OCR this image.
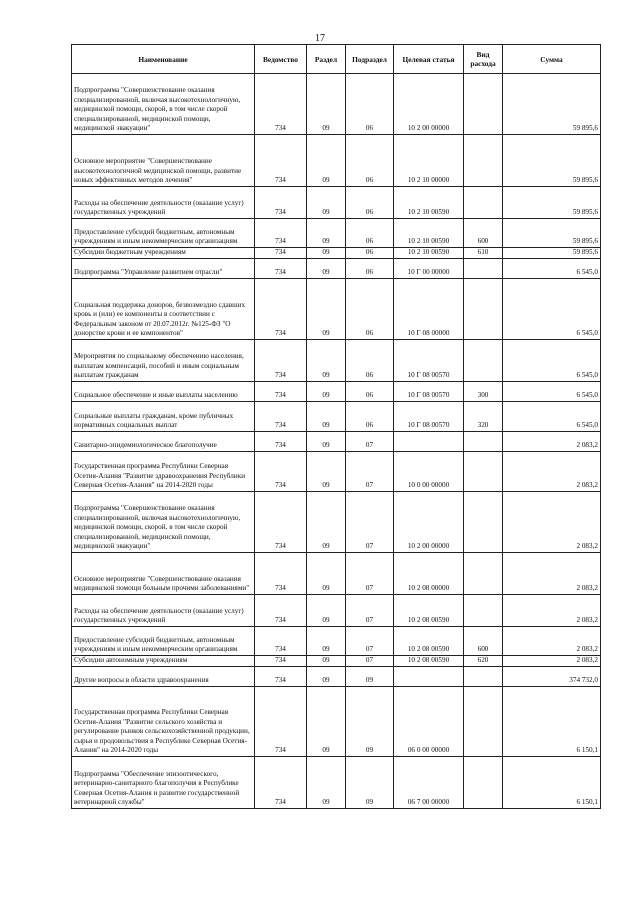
17
Наименование	Ведомство	Раздел	Подраздел	Целевая статья	Вид расхода	Сумма
Подпрограмма "Совершенствование оказания специализированной, включая высокотехнологичную, медицинской помощи, скорой, в том числе скорой специализированной, медицинской помощи, медицинской эвакуации"	734	09	06	10 2 00 00000		59 895,6
Основное мероприятие "Совершенствование высокотехнологичной медицинской помощи, развитие новых эффективных методов лечения"	734	09	06	10 2 10 00000		59 895,6
Расходы на обеспечение деятельности (оказание услуг) государственных учреждений	734	09	06	10 2 10 00590		59 895,6
Предоставление субсидий бюджетным, автономным учреждениям и иным некоммерческим организациям	734	09	06	10 2 10 00590	600	59 895,6
Субсидии бюджетным учреждениям	734	09	06	10 2 10 00590	610	59 895,6
Подпрограмма "Управление развитием отрасли"	734	09	06	10 Г 00 00000		6 545,0
Социальная поддержка доноров, безвозмездно сдавших кровь и (или) ее компоненты в соответствии с Федеральным законом от 20.07.2012г. №125-ФЗ "О донорстве крови и ее компонентов"	734	09	06	10 Г 08 00000		6 545,0
Мероприятия по социальному обеспечению населения, выплатам компенсаций, пособий и иным социальным выплатам гражданам	734	09	06	10 Г 08 00570		6 545,0
Социальное обеспечение и иные выплаты населению	734	09	06	10 Г 08 00570	300	6 545,0
Социальные выплаты гражданам, кроме публичных нормативных социальных выплат	734	09	06	10 Г 08 00570	320	6 545,0
Санитарно-эпидемиологическое благополучие	734	09	07			2 083,2
Государственная программа Республики Северная Осетия-Алания "Развитие здравоохранения Республики Северная Осетия-Алания" на 2014-2020 годы	734	09	07	10 0 00 00000		2 083,2
Подпрограмма "Совершенствование оказания специализированной, включая высокотехнологичную, медицинской помощи, скорой, в том числе скорой специализированной, медицинской помощи, медицинской эвакуации"	734	09	07	10 2 00 00000		2 083,2
Основное мероприятие "Совершенствование оказания медицинской помощи больным прочими заболеваниями"	734	09	07	10 2 08 00000		2 083,2
Расходы на обеспечение деятельности (оказание услуг) государственных учреждений	734	09	07	10 2 08 00590		2 083,2
Предоставление субсидий бюджетным, автономным учреждениям и иным некоммерческим организациям	734	09	07	10 2 08 00590	600	2 083,2
Субсидии автономным учреждениям	734	09	07	10 2 08 00590	620	2 083,2
Другие вопросы в области здравоохранения	734	09	09			374 732,0
Государственная программа Республики Северная Осетия-Алания "Развитие сельского хозяйства и регулирование рынков сельскохозяйственной продукции, сырья и продовольствия в Республике Северная Осетия-Алания" на 2014-2020 годы	734	09	09	06 0 00 00000		6 150,1
Подпрограмма "Обеспечение эпизоотического, ветеринарно-санитарного благополучия в Республике Северная Осетия-Алания и развитие государственной ветеринарной службы"	734	09	09	06 7 00 00000		6 150,1
